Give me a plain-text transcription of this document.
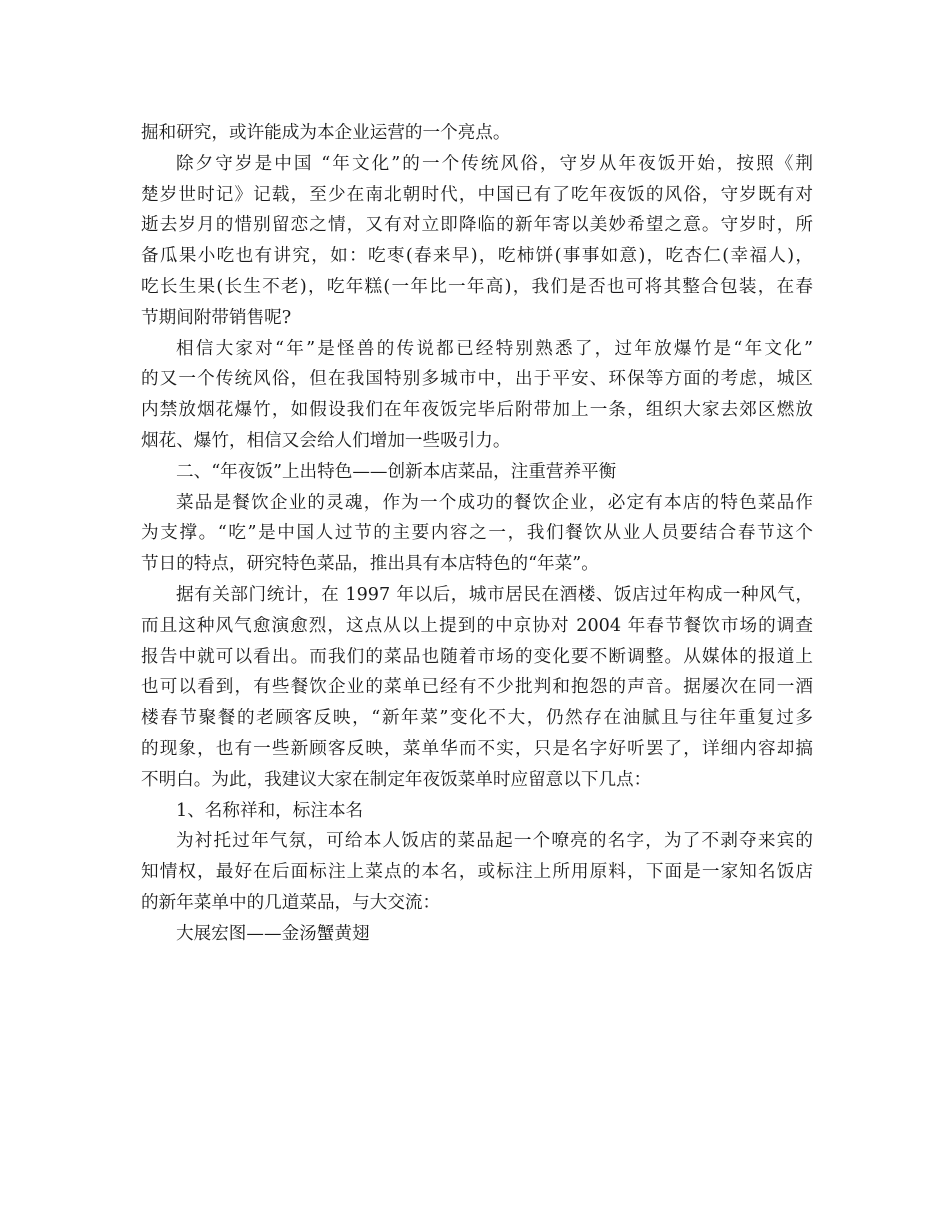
掘和研究，或许能成为本企业运营的一个亮点。
除夕守岁是中国 “年文化”的一个传统风俗，守岁从年夜饭开始，按照《荆
楚岁世时记》记载，至少在南北朝时代，中国已有了吃年夜饭的风俗，守岁既有对
逝去岁月的惜别留恋之情，又有对立即降临的新年寄以美妙希望之意。守岁时，所
备瓜果小吃也有讲究，如：吃枣(春来早)，吃柿饼(事事如意)，吃杏仁(幸福人)，
吃长生果(长生不老)，吃年糕(一年比一年高)，我们是否也可将其整合包装，在春
节期间附带销售呢?
相信大家对“年”是怪兽的传说都已经特别熟悉了，过年放爆竹是“年文化”
的又一个传统风俗，但在我国特别多城市中，出于平安、环保等方面的考虑，城区
内禁放烟花爆竹，如假设我们在年夜饭完毕后附带加上一条，组织大家去郊区燃放
烟花、爆竹，相信又会给人们增加一些吸引力。
二、“年夜饭”上出特色——创新本店菜品，注重营养平衡
菜品是餐饮企业的灵魂，作为一个成功的餐饮企业，必定有本店的特色菜品作
为支撑。“吃”是中国人过节的主要内容之一，我们餐饮从业人员要结合春节这个
节日的特点，研究特色菜品，推出具有本店特色的“年菜”。
据有关部门统计，在 1997 年以后，城市居民在酒楼、饭店过年构成一种风气，
而且这种风气愈演愈烈，这点从以上提到的中京协对 2004 年春节餐饮市场的调查
报告中就可以看出。而我们的菜品也随着市场的变化要不断调整。从媒体的报道上
也可以看到，有些餐饮企业的菜单已经有不少批判和抱怨的声音。据屡次在同一酒
楼春节聚餐的老顾客反映，“新年菜”变化不大，仍然存在油腻且与往年重复过多
的现象，也有一些新顾客反映，菜单华而不实，只是名字好听罢了，详细内容却搞
不明白。为此，我建议大家在制定年夜饭菜单时应留意以下几点：
1、名称祥和，标注本名
为衬托过年气氛，可给本人饭店的菜品起一个嘹亮的名字，为了不剥夺来宾的
知情权，最好在后面标注上菜点的本名，或标注上所用原料，下面是一家知名饭店
的新年菜单中的几道菜品，与大交流：
大展宏图——金汤蟹黄翅
